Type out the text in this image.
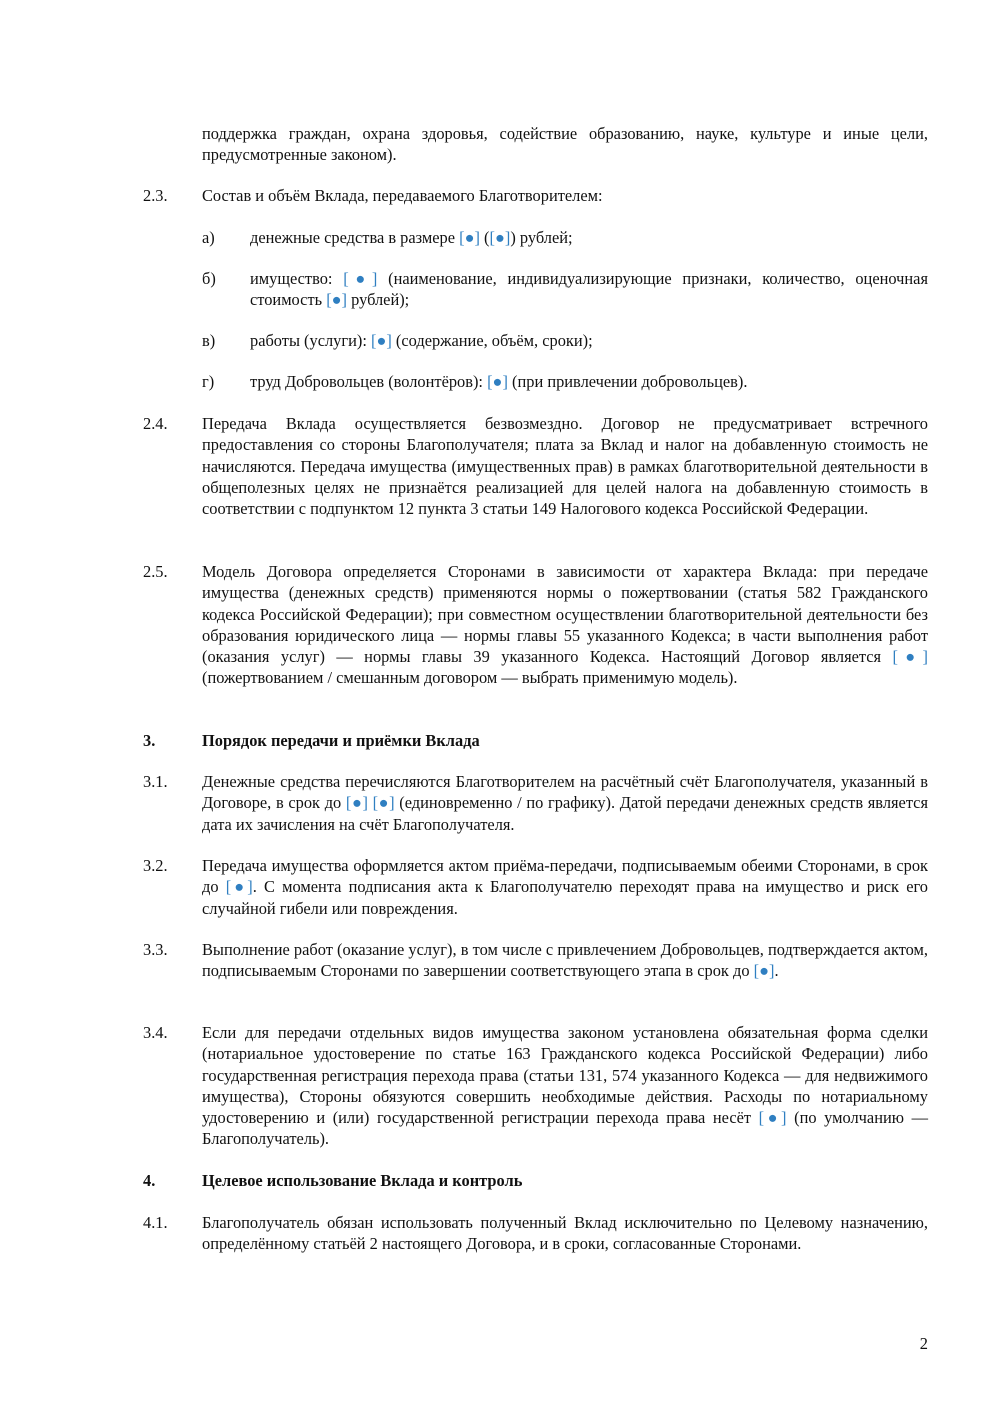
поддержка граждан, охрана здоровья, содействие образованию, науке, культуре и иные цели, предусмотренные законом).
2.3.	Состав и объём Вклада, передаваемого Благотворителем:
а)	денежные средства в размере [●] ([●]) рублей;
б)	имущество: [●] (наименование, индивидуализирующие признаки, количество, оценочная стоимость [●] рублей);
в)	работы (услуги): [●] (содержание, объём, сроки);
г)	труд Добровольцев (волонтёров): [●] (при привлечении добровольцев).
2.4.	Передача Вклада осуществляется безвозмездно. Договор не предусматривает встречного предоставления со стороны Благополучателя; плата за Вклад и налог на добавленную стоимость не начисляются. Передача имущества (имущественных прав) в рамках благотворительной деятельности в общеполезных целях не признаётся реализацией для целей налога на добавленную стоимость в соответствии с подпунктом 12 пункта 3 статьи 149 Налогового кодекса Российской Федерации.
2.5.	Модель Договора определяется Сторонами в зависимости от характера Вклада: при передаче имущества (денежных средств) применяются нормы о пожертвовании (статья 582 Гражданского кодекса Российской Федерации); при совместном осуществлении благотворительной деятельности без образования юридического лица — нормы главы 55 указанного Кодекса; в части выполнения работ (оказания услуг) — нормы главы 39 указанного Кодекса. Настоящий Договор является [●] (пожертвованием / смешанным договором — выбрать применимую модель).
3.	Порядок передачи и приёмки Вклада
3.1.	Денежные средства перечисляются Благотворителем на расчётный счёт Благополучателя, указанный в Договоре, в срок до [●] [●] (единовременно / по графику). Датой передачи денежных средств является дата их зачисления на счёт Благополучателя.
3.2.	Передача имущества оформляется актом приёма-передачи, подписываемым обеими Сторонами, в срок до [●]. С момента подписания акта к Благополучателю переходят права на имущество и риск его случайной гибели или повреждения.
3.3.	Выполнение работ (оказание услуг), в том числе с привлечением Добровольцев, подтверждается актом, подписываемым Сторонами по завершении соответствующего этапа в срок до [●].
3.4.	Если для передачи отдельных видов имущества законом установлена обязательная форма сделки (нотариальное удостоверение по статье 163 Гражданского кодекса Российской Федерации) либо государственная регистрация перехода права (статьи 131, 574 указанного Кодекса — для недвижимого имущества), Стороны обязуются совершить необходимые действия. Расходы по нотариальному удостоверению и (или) государственной регистрации перехода права несёт [●] (по умолчанию — Благополучатель).
4.	Целевое использование Вклада и контроль
4.1.	Благополучатель обязан использовать полученный Вклад исключительно по Целевому назначению, определённому статьёй 2 настоящего Договора, и в сроки, согласованные Сторонами.
2
